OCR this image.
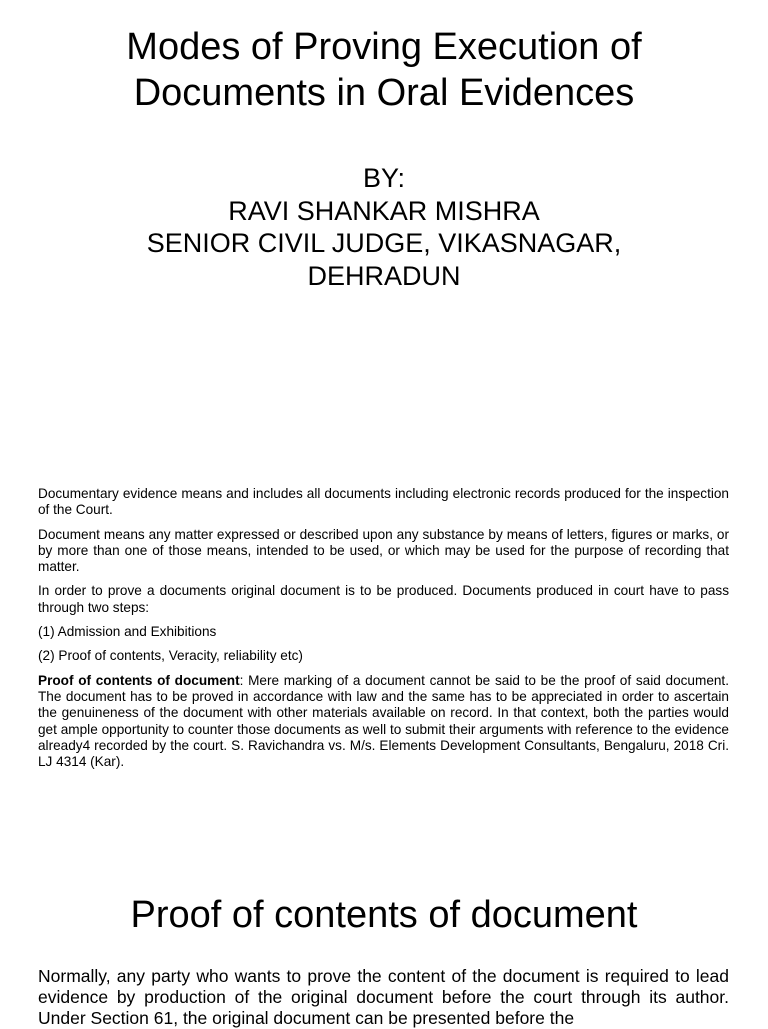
Modes of Proving Execution of
Documents in Oral Evidences
BY:
RAVI SHANKAR MISHRA
SENIOR CIVIL JUDGE, VIKASNAGAR,
DEHRADUN

Documentary evidence means and includes all documents including electronic records produced for the inspection of the Court.

Document means any matter expressed or described upon any substance by means of letters, figures or marks, or by more than one of those means, intended to be used, or which may be used for the purpose of recording that matter.

In order to prove a documents original document is to be produced. Documents produced in court have to pass through two steps:

(1) Admission and Exhibitions

(2) Proof of contents, Veracity, reliability etc)

Proof of contents of document: Mere marking of a document cannot be said to be the proof of said document. The document has to be proved in accordance with law and the same has to be appreciated in order to ascertain the genuineness of the document with other materials available on record. In that context, both the parties would get ample opportunity to counter those documents as well to submit their arguments with reference to the evidence already4 recorded by the court. S. Ravichandra vs. M/s. Elements Development Consultants, Bengaluru, 2018 Cri. LJ 4314 (Kar).

Proof of contents of document

Normally, any party who wants to prove the content of the document is required to lead evidence by production of the original document before the court through its author. Under Section 61, the original document can be presented before the
